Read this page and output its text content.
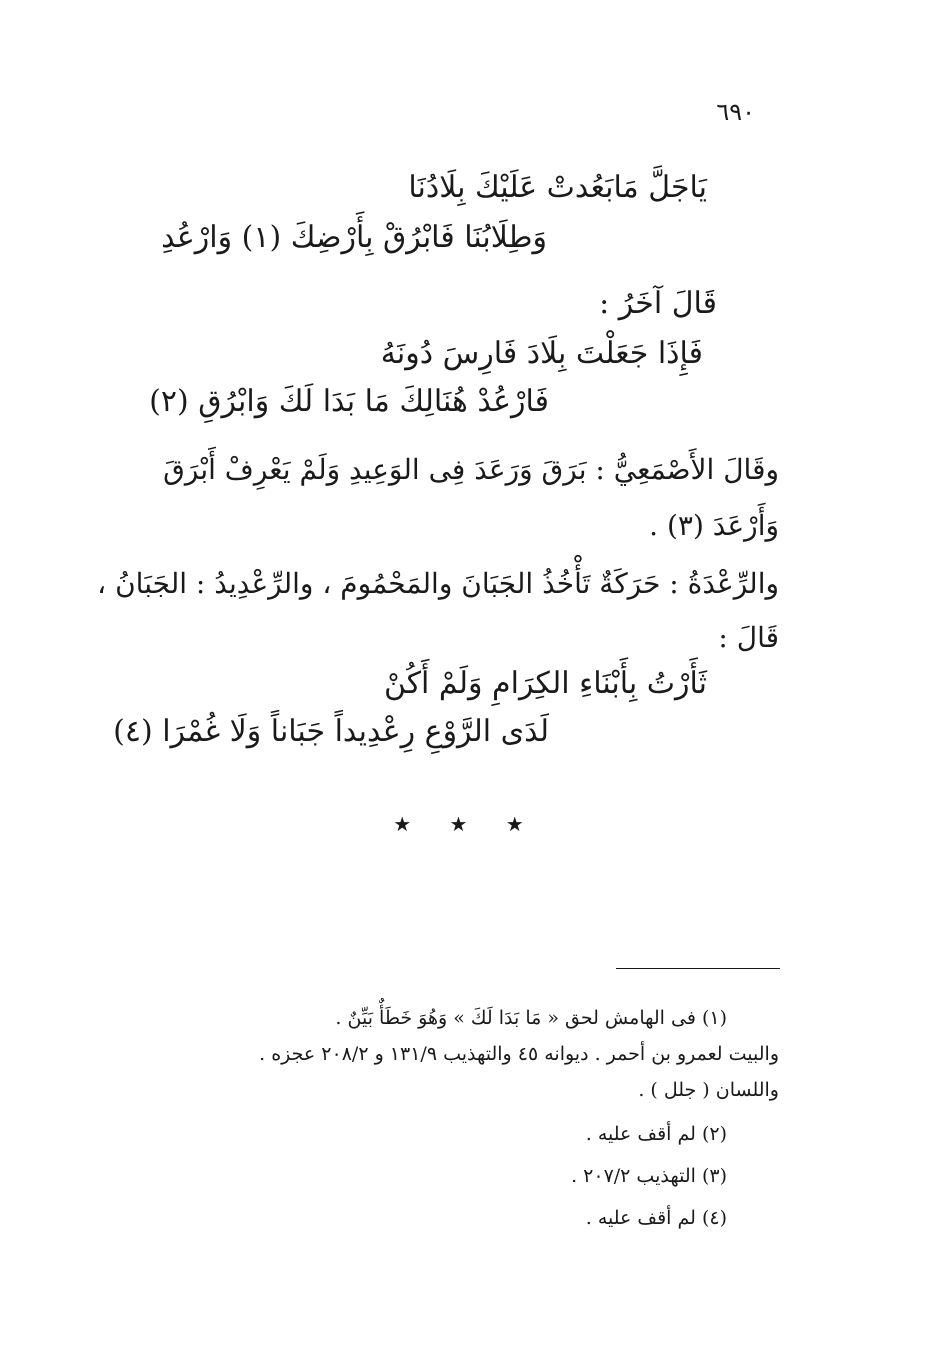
٦٩٠
يَاجَلَّ مَابَعُدتْ عَلَيْكَ بِلَادُنَا
وَطِلَابُنَا فَابْرُقْ بِأَرْضِكَ (١) وَارْعُدِ
قَالَ آخَرُ :
فَإِذَا جَعَلْتَ بِلَادَ فَارِسَ دُونَهُ
فَارْعُدْ هُنَالِكَ مَا بَدَا لَكَ وَابْرُقِ (٢)
وقَالَ الأَصْمَعِيُّ : بَرَقَ وَرَعَدَ فِى الوَعِيدِ وَلَمْ يَعْرِفْ أَبْرَقَ
وَأَرْعَدَ (٣) .
والرِّعْدَةُ : حَرَكَةٌ تَأْخُذُ الجَبَانَ والمَحْمُومَ ، والرِّعْدِيدُ : الجَبَانُ ،
قَالَ :
ثَأَرْتُ بِأَبْنَاءِ الكِرَامِ وَلَمْ أَكُنْ
لَدَى الرَّوْعِ رِعْدِيداً جَبَاناً وَلَا غُمْرَا (٤)
★ ★ ★
(١) فى الهامش لحق « مَا بَدَا لَكَ » وَهُوَ خَطَأٌ بَيِّنٌ .
والبيت لعمرو بن أحمر . ديوانه ٤٥ والتهذيب ١٣١/٩ و ٢٠٨/٢ عجزه .
واللسان ( جلل ) .
(٢) لم أقف عليه .
(٣) التهذيب ٢٠٧/٢ .
(٤) لم أقف عليه .
